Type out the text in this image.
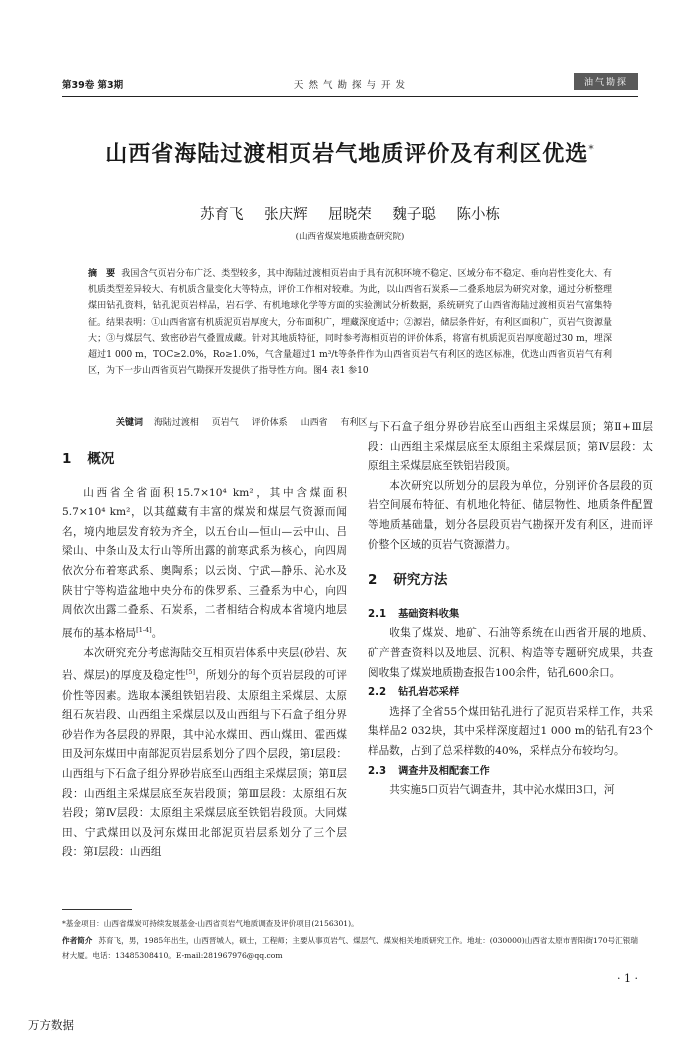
第39卷 第3期	天 然 气 勘 探 与 开 发	油气勘探
山西省海陆过渡相页岩气地质评价及有利区优选*
苏育飞 张庆辉 屈晓荣 魏子聪 陈小栋
(山西省煤炭地质勘查研究院)
摘　要 我国含气页岩分布广泛、类型较多，其中海陆过渡相页岩由于具有沉积环境不稳定、区域分布不稳定、垂向岩性变化大、有机质类型差异较大、有机质含量变化大等特点，评价工作相对较难。为此，以山西省石炭系—二叠系地层为研究对象，通过分析整理煤田钻孔资料，钻孔泥页岩样品，岩石学、有机地球化学等方面的实验测试分析数据，系统研究了山西省海陆过渡相页岩气富集特征。结果表明：①山西省富有机质泥页岩厚度大，分布面积广，埋藏深度适中；②源岩，储层条件好，有利区面积广，页岩气资源量大；③与煤层气、致密砂岩气叠置成藏。针对其地质特征，同时参考海相页岩的评价体系，将富有机质泥页岩厚度超过30 m，埋深超过1 000 m，TOC≥2.0%，Ro≥1.0%，气含量超过1 m³/t等条件作为山西省页岩气有利区的选区标准，优选山西省页岩气有利区，为下一步山西省页岩气勘探开发提供了指导性方向。图4 表1 参10
关键词 海陆过渡相 页岩气 评价体系 山西省 有利区
1 概况

山西省全省面积15.7×10⁴ km²，其中含煤面积5.7×10⁴ km²，以其蕴藏有丰富的煤炭和煤层气资源而闻名，境内地层发育较为齐全，以五台山—恒山—云中山、吕梁山、中条山及太行山等所出露的前寒武系为核心，向四周依次分布着寒武系、奥陶系；以云岗、宁武—静乐、沁水及陕甘宁等构造盆地中央分布的侏罗系、三叠系为中心，向四周依次出露二叠系、石炭系，二者相结合构成本省境内地层展布的基本格局[1-4]。

本次研究充分考虑海陆交互相页岩体系中夹层(砂岩、灰岩、煤层)的厚度及稳定性[5]，所划分的每个页岩层段的可评价性等因素。选取本溪组铁铝岩段、太原组主采煤层、太原组石灰岩段、山西组主采煤层以及山西组与下石盒子组分界砂岩作为各层段的界限，其中沁水煤田、西山煤田、霍西煤田及河东煤田中南部泥页岩层系划分了四个层段，第Ⅰ层段：山西组与下石盒子组分界砂岩底至山西组主采煤层顶；第Ⅱ层段：山西组主采煤层底至灰岩段顶；第Ⅲ层段：太原组石灰岩段；第Ⅳ层段：太原组主采煤层底至铁铝岩段顶。大同煤田、宁武煤田以及河东煤田北部泥页岩层系划分了三个层段：第Ⅰ层段：山西组

与下石盒子组分界砂岩底至山西组主采煤层顶；第Ⅱ+Ⅲ层段：山西组主采煤层底至太原组主采煤层顶；第Ⅳ层段：太原组主采煤层底至铁铝岩段顶。

本次研究以所划分的层段为单位，分别评价各层段的页岩空间展布特征、有机地化特征、储层物性、地质条件配置等地质基础量，划分各层段页岩气勘探开发有利区，进而评价整个区域的页岩气资源潜力。

2 研究方法
2.1 基础资料收集

收集了煤炭、地矿、石油等系统在山西省开展的地质、矿产普查资料以及地层、沉积、构造等专题研究成果，共查阅收集了煤炭地质勘查报告100余件，钻孔600余口。

2.2 钻孔岩芯采样

选择了全省55个煤田钻孔进行了泥页岩采样工作，共采集样品2 032块，其中采样深度超过1 000 m的钻孔有23个样品数，占到了总采样数的40%，采样点分布较均匀。

2.3 调查井及相配套工作

共实施5口页岩气调查井，其中沁水煤田3口，河

*基金项目：山西省煤炭可持续发展基金-山西省页岩气地质调查及评价项目(2156301)。
作者简介 苏育飞，男，1985年出生，山西晋城人，硕士，工程师；主要从事页岩气、煤层气、煤炭相关地质研究工作。地址：(030000)山西省太原市晋阳街170号汇银瑞材大厦。电话：13485308410。E-mail:281967976@qq.com
· 1 ·
万方数据
